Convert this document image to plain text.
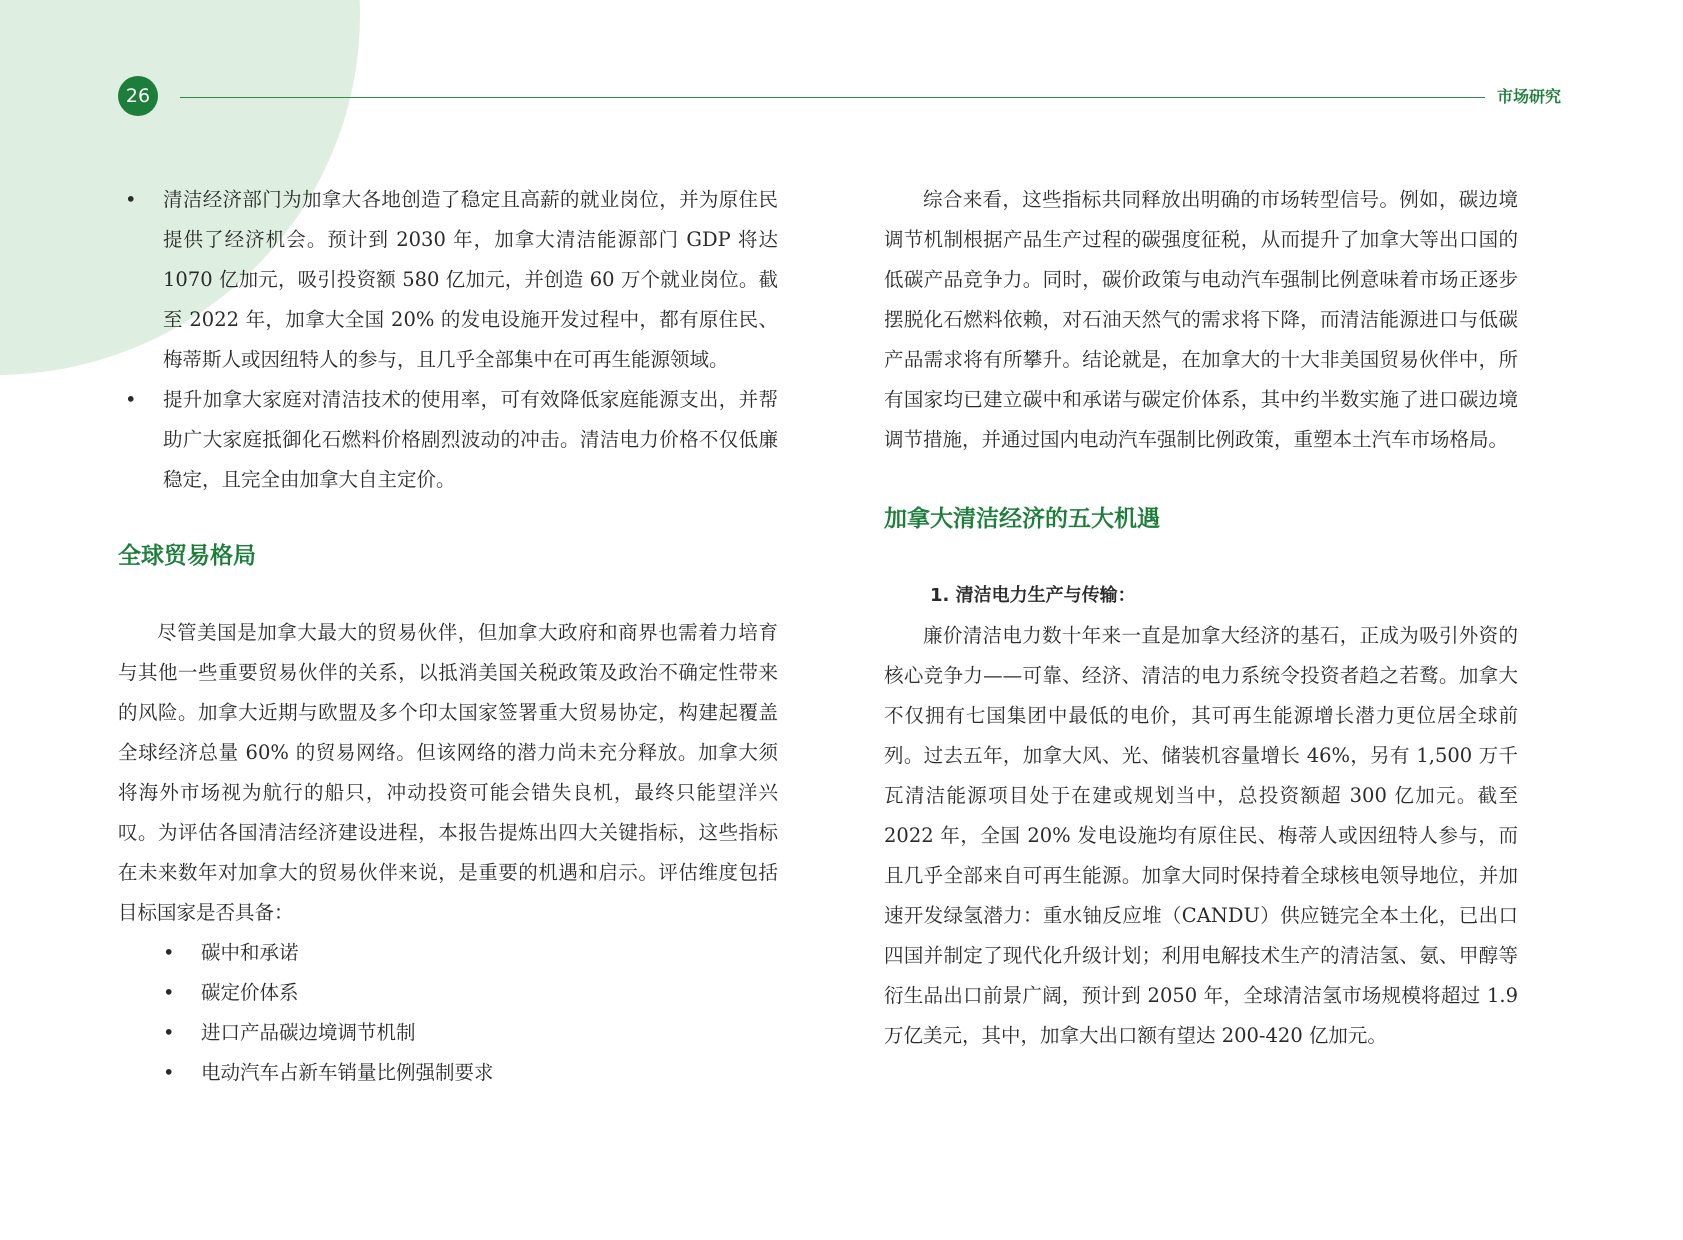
26	市场研究
• 清洁经济部门为加拿大各地创造了稳定且高薪的就业岗位，并为原住民提供了经济机会。预计到 2030 年，加拿大清洁能源部门 GDP 将达 1070 亿加元，吸引投资额 580 亿加元，并创造 60 万个就业岗位。截至 2022 年，加拿大全国 20% 的发电设施开发过程中，都有原住民、梅蒂斯人或因纽特人的参与，且几乎全部集中在可再生能源领域。
• 提升加拿大家庭对清洁技术的使用率，可有效降低家庭能源支出，并帮助广大家庭抵御化石燃料价格剧烈波动的冲击。清洁电力价格不仅低廉稳定，且完全由加拿大自主定价。
全球贸易格局

尽管美国是加拿大最大的贸易伙伴，但加拿大政府和商界也需着力培育与其他一些重要贸易伙伴的关系，以抵消美国关税政策及政治不确定性带来的风险。加拿大近期与欧盟及多个印太国家签署重大贸易协定，构建起覆盖全球经济总量 60% 的贸易网络。但该网络的潜力尚未充分释放。加拿大须将海外市场视为航行的船只，冲动投资可能会错失良机，最终只能望洋兴叹。为评估各国清洁经济建设进程，本报告提炼出四大关键指标，这些指标在未来数年对加拿大的贸易伙伴来说，是重要的机遇和启示。评估维度包括目标国家是否具备：

• 碳中和承诺
• 碳定价体系
• 进口产品碳边境调节机制
• 电动汽车占新车销量比例强制要求

综合来看，这些指标共同释放出明确的市场转型信号。例如，碳边境调节机制根据产品生产过程的碳强度征税，从而提升了加拿大等出口国的低碳产品竞争力。同时，碳价政策与电动汽车强制比例意味着市场正逐步摆脱化石燃料依赖，对石油天然气的需求将下降，而清洁能源进口与低碳产品需求将有所攀升。结论就是，在加拿大的十大非美国贸易伙伴中，所有国家均已建立碳中和承诺与碳定价体系，其中约半数实施了进口碳边境调节措施，并通过国内电动汽车强制比例政策，重塑本土汽车市场格局。

加拿大清洁经济的五大机遇

1. 清洁电力生产与传输：

廉价清洁电力数十年来一直是加拿大经济的基石，正成为吸引外资的核心竞争力——可靠、经济、清洁的电力系统令投资者趋之若鹜。加拿大不仅拥有七国集团中最低的电价，其可再生能源增长潜力更位居全球前列。过去五年，加拿大风、光、储装机容量增长 46%，另有 1,500 万千瓦清洁能源项目处于在建或规划当中，总投资额超 300 亿加元。截至 2022 年，全国 20% 发电设施均有原住民、梅蒂人或因纽特人参与，而且几乎全部来自可再生能源。加拿大同时保持着全球核电领导地位，并加速开发绿氢潜力：重水铀反应堆（CANDU）供应链完全本土化，已出口四国并制定了现代化升级计划；利用电解技术生产的清洁氢、氨、甲醇等衍生品出口前景广阔，预计到 2050 年，全球清洁氢市场规模将超过 1.9 万亿美元，其中，加拿大出口额有望达 200-420 亿加元。
